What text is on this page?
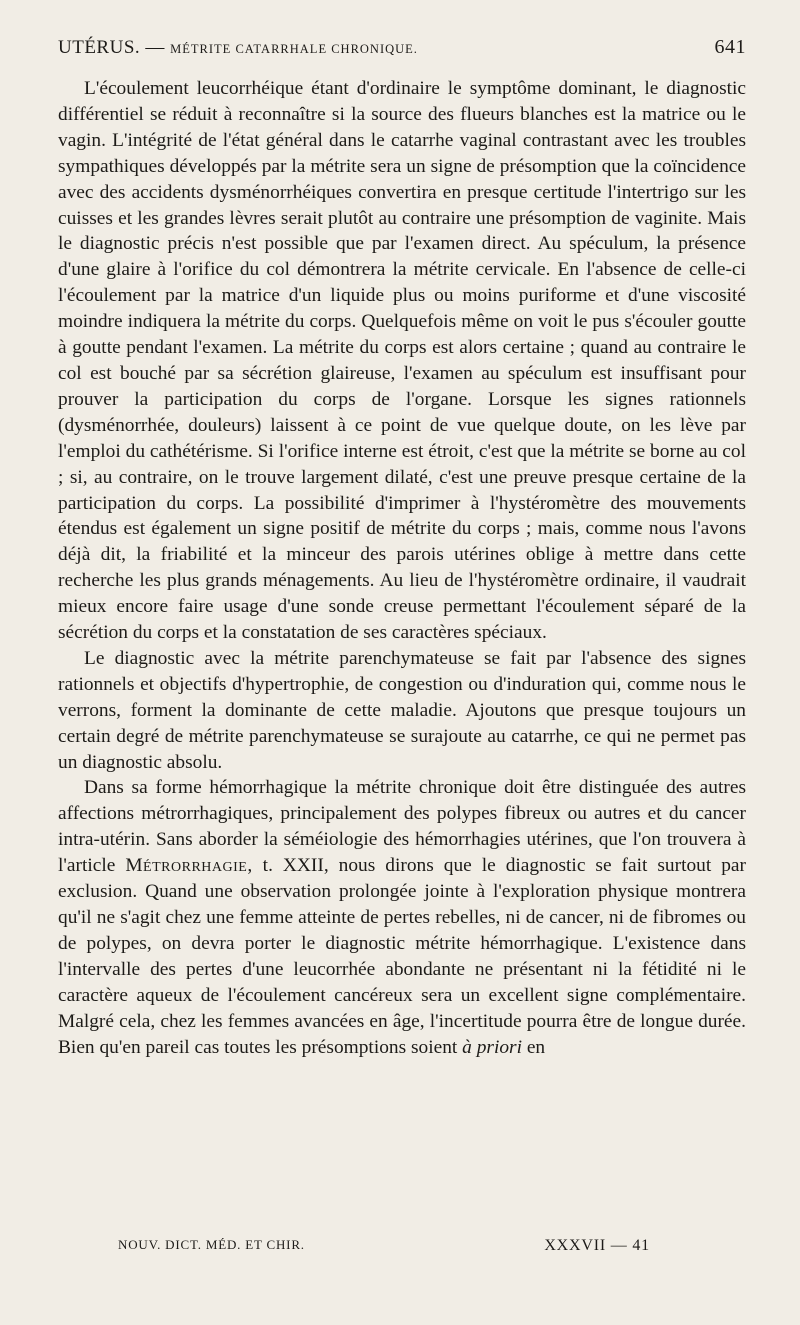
UTÉRUS. — MÉTRITE CATARRHALE CHRONIQUE.	641

L'écoulement leucorrhéique étant d'ordinaire le symptôme dominant, le diagnostic différentiel se réduit à reconnaître si la source des flueurs blanches est la matrice ou le vagin. L'intégrité de l'état général dans le catarrhe vaginal contrastant avec les troubles sympathiques développés par la métrite sera un signe de présomption que la coïncidence avec des accidents dysménorrhéiques convertira en presque certitude l'intertrigo sur les cuisses et les grandes lèvres serait plutôt au contraire une présomption de vaginite. Mais le diagnostic précis n'est possible que par l'examen direct. Au spéculum, la présence d'une glaire à l'orifice du col démontrera la métrite cervicale. En l'absence de celle-ci l'écoulement par la matrice d'un liquide plus ou moins puriforme et d'une viscosité moindre indiquera la métrite du corps. Quelquefois même on voit le pus s'écouler goutte à goutte pendant l'examen. La métrite du corps est alors certaine ; quand au contraire le col est bouché par sa sécrétion glaireuse, l'examen au spéculum est insuffisant pour prouver la participation du corps de l'organe. Lorsque les signes rationnels (dysménorrhée, douleurs) laissent à ce point de vue quelque doute, on les lève par l'emploi du cathétérisme. Si l'orifice interne est étroit, c'est que la métrite se borne au col ; si, au contraire, on le trouve largement dilaté, c'est une preuve presque certaine de la participation du corps. La possibilité d'imprimer à l'hystéromètre des mouvements étendus est également un signe positif de métrite du corps ; mais, comme nous l'avons déjà dit, la friabilité et la minceur des parois utérines oblige à mettre dans cette recherche les plus grands ménagements. Au lieu de l'hystéromètre ordinaire, il vaudrait mieux encore faire usage d'une sonde creuse permettant l'écoulement séparé de la sécrétion du corps et la constatation de ses caractères spéciaux.

Le diagnostic avec la métrite parenchymateuse se fait par l'absence des signes rationnels et objectifs d'hypertrophie, de congestion ou d'induration qui, comme nous le verrons, forment la dominante de cette maladie. Ajoutons que presque toujours un certain degré de métrite parenchymateuse se surajoute au catarrhe, ce qui ne permet pas un diagnostic absolu.

Dans sa forme hémorrhagique la métrite chronique doit être distinguée des autres affections métrorrhagiques, principalement des polypes fibreux ou autres et du cancer intra-utérin. Sans aborder la séméiologie des hémorrhagies utérines, que l'on trouvera à l'article Métrorrhagie, t. XXII, nous dirons que le diagnostic se fait surtout par exclusion. Quand une observation prolongée jointe à l'exploration physique montrera qu'il ne s'agit chez une femme atteinte de pertes rebelles, ni de cancer, ni de fibromes ou de polypes, on devra porter le diagnostic métrite hémorrhagique. L'existence dans l'intervalle des pertes d'une leucorrhée abondante ne présentant ni la fétidité ni le caractère aqueux de l'écoulement cancéreux sera un excellent signe complémentaire. Malgré cela, chez les femmes avancées en âge, l'incertitude pourra être de longue durée. Bien qu'en pareil cas toutes les présomptions soient à priori en

NOUV. DICT. MÉD. ET CHIR.	XXXVII — 41
